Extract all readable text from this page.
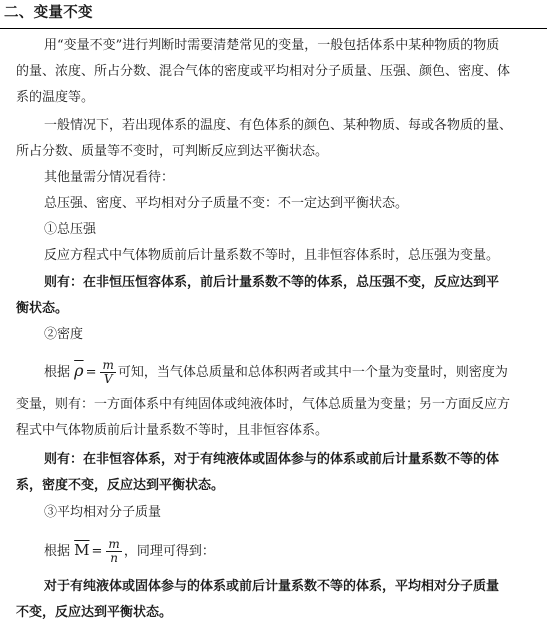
二、变量不变
用“变量不变”进行判断时需要清楚常见的变量，一般包括体系中某种物质的物质
的量、浓度、所占分数、混合气体的密度或平均相对分子质量、压强、颜色、密度、体
系的温度等。
一般情况下，若出现体系的温度、有色体系的颜色、某种物质、每或各物质的量、
所占分数、质量等不变时，可判断反应到达平衡状态。
其他量需分情况看待：
总压强、密度、平均相对分子质量不变：不一定达到平衡状态。
①总压强
反应方程式中气体物质前后计量系数不等时，且非恒容体系时，总压强为变量。
则有：在非恒压恒容体系，前后计量系数不等的体系，总压强不变，反应达到平
衡状态。
②密度
根据 $\overline{\rho} = \frac{m}{V}$ 可知，当气体总质量和总体积两者或其中一个量为变量时，则密度为
变量，则有：一方面体系中有纯固体或纯液体时，气体总质量为变量；另一方面反应方
程式中气体物质前后计量系数不等时，且非恒容体系。
则有：在非恒容体系，对于有纯液体或固体参与的体系或前后计量系数不等的体
系，密度不变，反应达到平衡状态。
③平均相对分子质量
根据 $\overline{M} = \frac{m}{n}$ ，同理可得到：
对于有纯液体或固体参与的体系或前后计量系数不等的体系，平均相对分子质量
不变，反应达到平衡状态。
